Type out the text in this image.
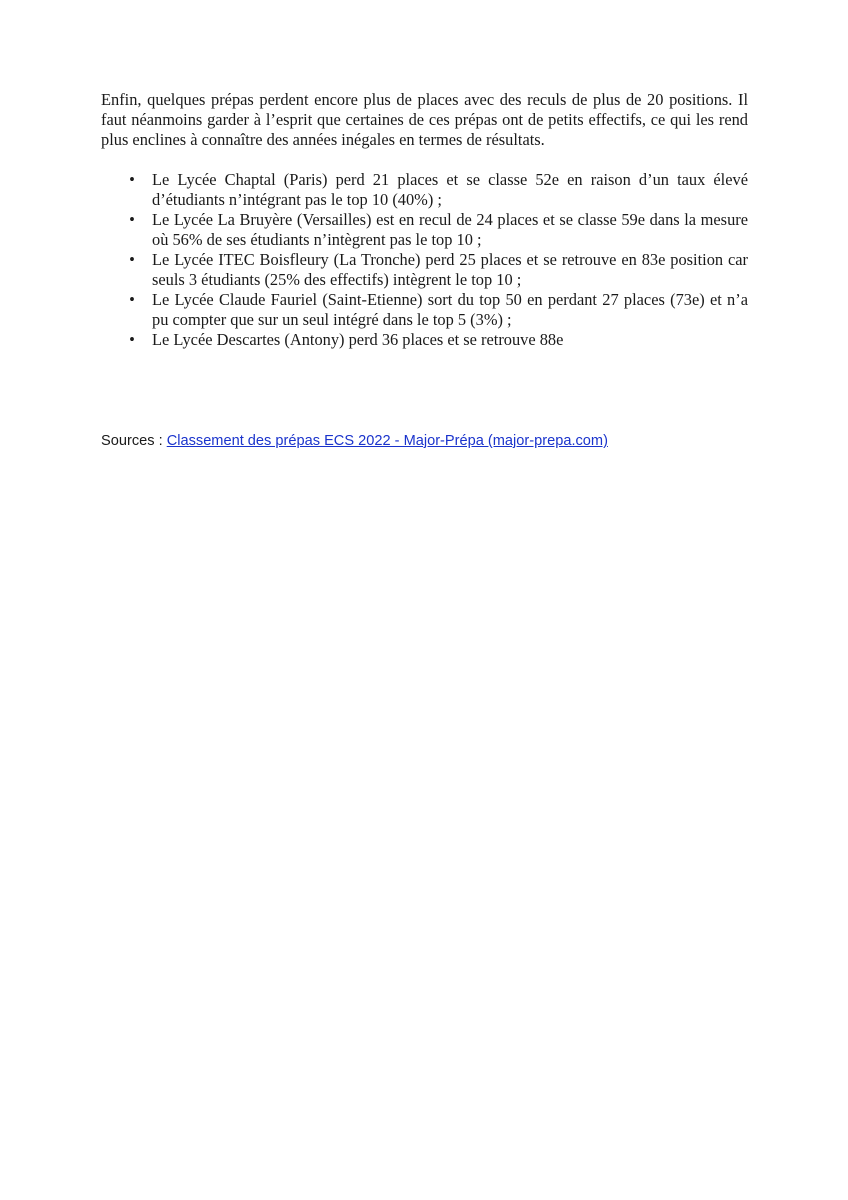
Enfin, quelques prépas perdent encore plus de places avec des reculs de plus de 20 positions. Il faut néanmoins garder à l’esprit que certaines de ces prépas ont de petits effectifs, ce qui les rend plus enclines à connaître des années inégales en termes de résultats.

• Le Lycée Chaptal (Paris) perd 21 places et se classe 52e en raison d’un taux élevé d’étudiants n’intégrant pas le top 10 (40%) ;
• Le Lycée La Bruyère (Versailles) est en recul de 24 places et se classe 59e dans la mesure où 56% de ses étudiants n’intègrent pas le top 10 ;
• Le Lycée ITEC Boisfleury (La Tronche) perd 25 places et se retrouve en 83e position car seuls 3 étudiants (25% des effectifs) intègrent le top 10 ;
• Le Lycée Claude Fauriel (Saint-Etienne) sort du top 50 en perdant 27 places (73e) et n’a pu compter que sur un seul intégré dans le top 5 (3%) ;
• Le Lycée Descartes (Antony) perd 36 places et se retrouve 88e
Sources : Classement des prépas ECS 2022 - Major-Prépa (major-prepa.com)
